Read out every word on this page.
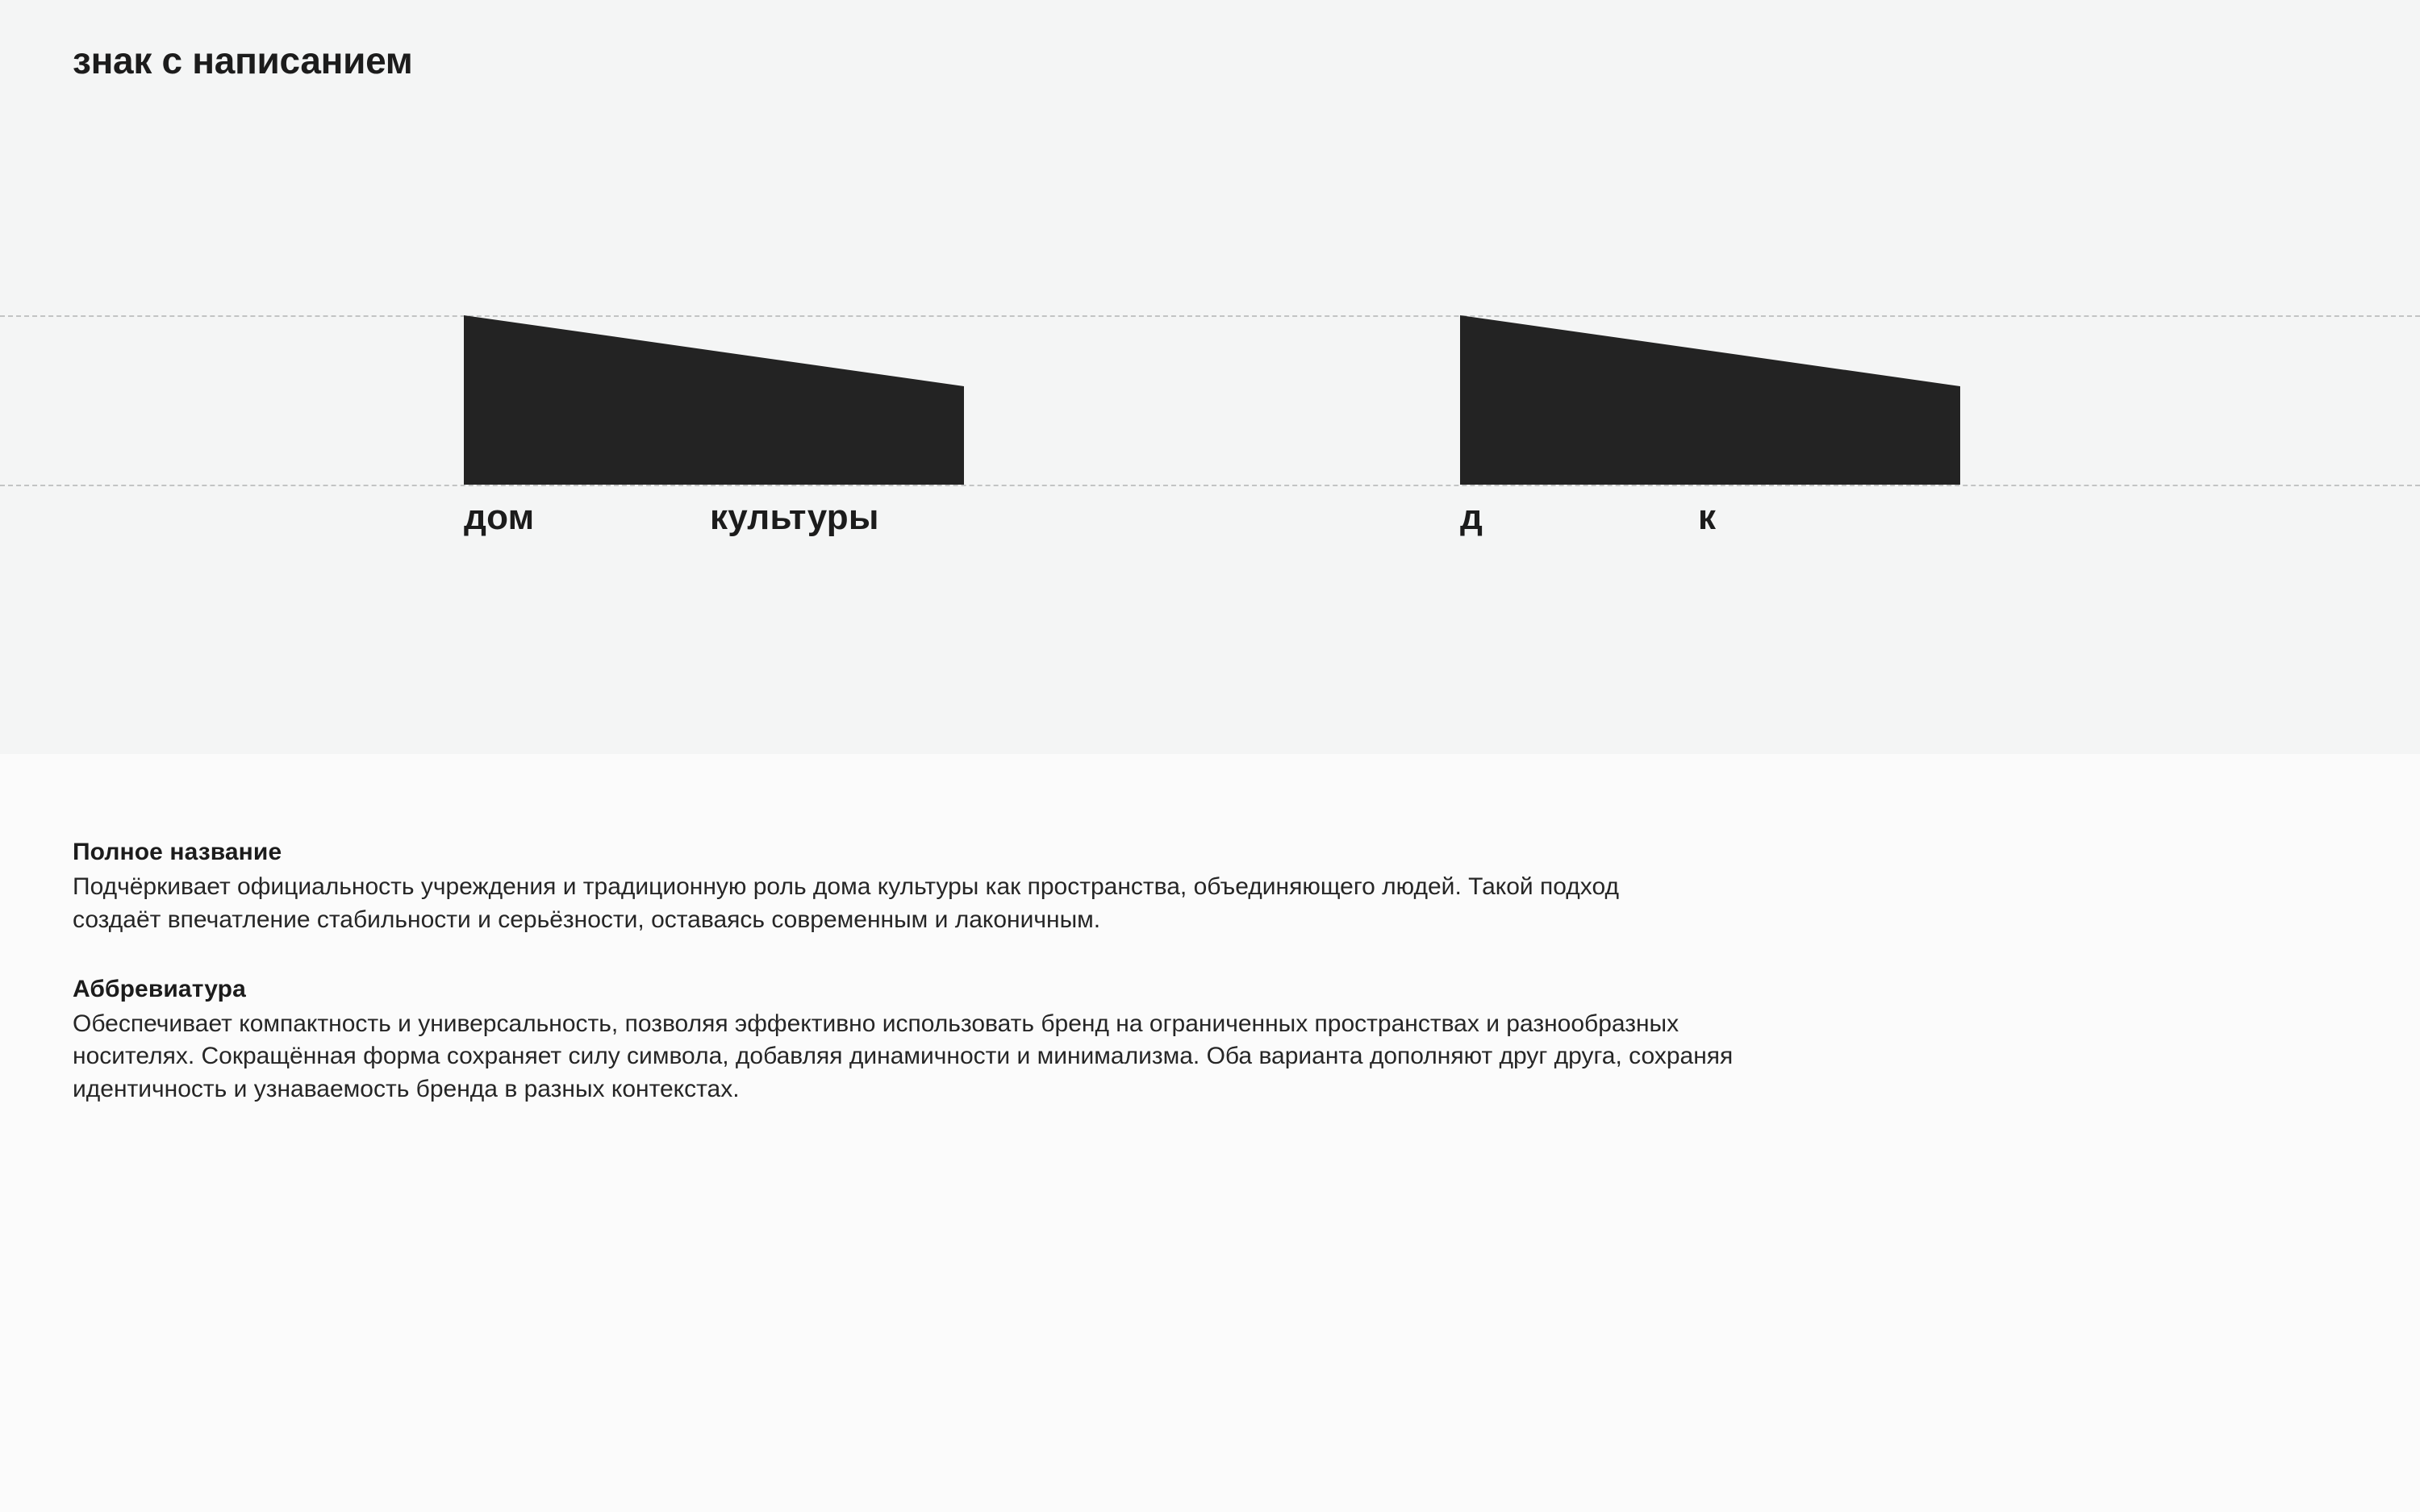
знак с написанием
дом	культуры	д	к

Полное название

Подчёркивает официальность учреждения и традиционную роль дома культуры как пространства, объединяющего людей. Такой подход создаёт впечатление стабильности и серьёзности, оставаясь современным и лаконичным.

Аббревиатура

Обеспечивает компактность и универсальность, позволяя эффективно использовать бренд на ограниченных пространствах и разнообразных носителях. Сокращённая форма сохраняет силу символа, добавляя динамичности и минимализма. Оба варианта дополняют друг друга, сохраняя идентичность и узнаваемость бренда в разных контекстах.
